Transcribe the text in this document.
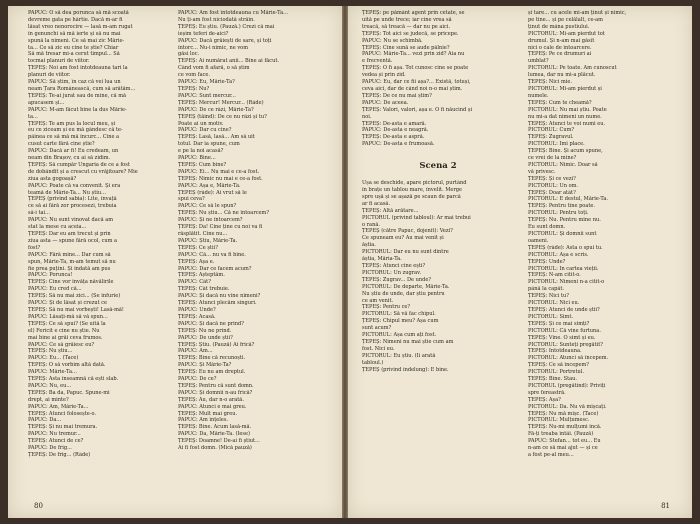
PAPUC: O să dea porunca să mă scoată
devreme gata pe hârtie. Dacă m-ar fi
lăsat vreo nenorocire — lasă m-am rugat
în genunchi să mă ierte și să nu mai
spună la nimeni. Ce să mai zic Mărie-
ta... Ce să zic eu cine te știe? Chiar
Să mă tresar mi-a cerut timpul... Să
tocmai planuri de viitor.
ȚEPEȘ: Noi am fost întotdeauna tari la
planuri de viitor.
PAPUC: Să știm, în caz că vei lua un
neam Țara Românească, cum să arătăm...
ȚEPEȘ: Te-ai jurat sau de mine, că mă
apucasem și...
PAPUC: M-am făcut bine la dus Mărie-
ta...
ȚEPEȘ: Te am pus la locul meu, și
eu ce ziceam și eu mă gândesc că te-
pâinea ce să mă mă încurc... Cine a
cusut carte fără cine știe?
PAPUC: Dacă ar fi! Eu credeam, un
neam din Brașov, cu ai să zidim.
ȚEPEȘ: Să cumpăr Ungaria de ce a fost
de dobândit și a crescut cu vrăjitoare? Mie
ziua asta gogoașă?
PAPUC: Poate că va convenit. Și era
teamă de Mărie-Ta... Nu știu...
ȚEPEȘ (privind sabia): Lite, învață
ce să ai fără zor procesezi, trebuia
să-i tai...
PAPUC: Nu sunt vinovat dacă am
stat la mese cu aceia...
ȚEPEȘ: Dar eu am trecut și prin
ziua asta — spune fără ocol, cum a
fost?
PAPUC: Fără mine... Dar cum să
spun, Mărie-Ta, m-am temut să nu
fie prea puțini. Și îndată am pus
PAPUC: Porunca!
ȚEPEȘ: Cine vor învăța năvălirile
PAPUC: Eu cred că...
ȚEPEȘ: Să nu mai zici... (Se înfurie)
PAPUC: Și de lăsat și crezut ce
ȚEPEȘ: Să nu mai vorbești! Lasă-mă!
PAPUC: Lăsați-mă să vă spun...
ȚEPEȘ: Ce să spui? (Se uită la
el) Fericit e cine nu știe. Nu
mai bine ai grăi ceva frumos.
PAPUC: Ce să grăiesc eu?
ȚEPEȘ: Nu știu...
PAPUC: Eu... (Tace)
ȚEPEȘ: O să vorbim altă dată.
PAPUC: Mărie-Ta...
ȚEPEȘ: Asta înseamnă că ești slab.
PAPUC: Nu, eu...
ȚEPEȘ: Ba da, Papuc. Spune-mi
drept, ai minte?
PAPUC: Am, Mărie-Ta...
ȚEPEȘ: Atunci folosește-o.
PAPUC: Da...
ȚEPEȘ: Și nu mai tremura.
PAPUC: Nu tremur...
ȚEPEȘ: Atunci de ce?
PAPUC: De frig...
ȚEPEȘ: De frig... (Râde)
PAPUC: Am fost întotdeauna cu Mărie-Ta...
Nu ți-am fost niciodată străin.
ȚEPEȘ: Eu știu. (Pauză.) Crezi că mai
ieșim teferi de-aici?
PAPUC: Dacă grăiești de sare, și toți
întorc... Nu-i nimic, ne vom
găsi loc.
ȚEPEȘ: Ai numărat anii... Bine ai făcut.
Când vom fi afară, o să știm
ce vom face.
PAPUC: Eu, Mărie-Ta?
ȚEPEȘ: Nu?
PAPUC: Sunt mercur...
ȚEPEȘ: Mercur! Mercur... (Râde)
PAPUC: De ce râzi, Mărie-Ta?
ȚEPEȘ (tăind): De ce nu râzi și tu?
Poate ai un motiv.
PAPUC: Dar cu cine?
ȚEPEȘ: Lasă, lasă... Am să uit
totul. Dar ia spune, cum
e pe la noi acasă?
PAPUC: Bine...
ȚEPEȘ: Cum bine?
PAPUC: Ei... Nu mai e ce-a fost.
ȚEPEȘ: Nimic nu mai e ce-a fost.
PAPUC: Așa e, Mărie-Ta.
ȚEPEȘ (râde): Ai vrut să le
spui ceva?
PAPUC: Ce să le spun?
ȚEPEȘ: Nu știu... Că ne întoarcem?
PAPUC: Și ne întoarcem?
ȚEPEȘ: Da! Cine ține cu noi va fi
răsplătit. Cine nu...
PAPUC: Știu, Mărie-Ta.
ȚEPEȘ: Ce știi?
PAPUC: Că... nu va fi bine.
ȚEPEȘ: Așa e.
PAPUC: Dar ce facem acum?
ȚEPEȘ: Așteptăm.
PAPUC: Cât?
ȚEPEȘ: Cât trebuie.
PAPUC: Și dacă nu vine nimeni?
ȚEPEȘ: Atunci plecăm singuri.
PAPUC: Unde?
ȚEPEȘ: Acasă.
PAPUC: Și dacă ne prind?
ȚEPEȘ: Nu ne prind.
PAPUC: De unde știi?
ȚEPEȘ: Știu. (Pauză) Ai frică?
PAPUC: Am...
ȚEPEȘ: Bine că recunoști.
PAPUC: Și Mărie-Ta?
ȚEPEȘ: Eu nu am dreptul.
PAPUC: De ce?
ȚEPEȘ: Pentru că sunt domn.
PAPUC: Și domnii n-au frică?
ȚEPEȘ: Au, dar n-o arată.
PAPUC: Atunci e mai greu.
ȚEPEȘ: Mult mai greu.
PAPUC: Am înțeles.
ȚEPEȘ: Bine. Acum lasă-mă.
PAPUC: Da, Mărie-Ta. (Iese)
ȚEPEȘ: Doamne! De-ai fi știut...
Ai fi fost domn. (Mică pauză)
80
ȚEPEȘ: pe pământ agent prin cetate, se
uită pe unde trece; iar cine vrea să
treacă, să treacă — dar nu pe aici.
ȚEPEȘ: Tot aici se judecă, se pricepe.
PAPUC: Nu se schimbă.
ȚEPEȘ: Cine sună se aude pălnie?
PAPUC: Mărie-Ta... vezi prin zid? Aia nu
e frecventă.
ȚEPEȘ: O fi așa. Tot cunosc cine se poate
vedea și prin zid.
PAPUC: Eu, dar ce fii așa?... Există, totuși,
ceva aici, dar de când noi n-o mai știm.
ȚEPEȘ: De ce nu mai știm?
PAPUC: De aceea.
ȚEPEȘ: Valori, valori, așa e. O fi năucind și
noi.
ȚEPEȘ: De-asta e amară.
PAPUC: De-asta e neagră.
ȚEPEȘ: De-asta e aspră.
PAPUC: De-asta e frumoasă.
Scena 2
Ușa se deschide, apare pictorul, purtând
în brațe un tablou mare, învelit. Merge
spre ușă și se așază pe scaun de parcă
ar fi acasă.
ȚEPEȘ: Altă arătare...
PICTORUL (privind tabloul): Ar mai trebui
o rană.
ȚEPEȘ (către Papuc, dojenit): Vezi?
Ce spuneam eu? Au mai venit și
ăștia.
PICTORUL: Dar eu nu sunt dintre
ăștia, Măria-Ta.
ȚEPEȘ: Atunci cine ești?
PICTORUL: Un zugrav.
ȚEPEȘ: Zugrav... De unde?
PICTORUL: De departe, Mărie-Ta.
Nu știu de unde, dar știu pentru
ce am venit.
ȚEPEȘ: Pentru ce?
PICTORUL: Să vă fac chipul.
ȚEPEȘ: Chipul meu? Așa cum
sunt acum?
PICTORUL: Așa cum ați fost.
ȚEPEȘ: Nimeni nu mai știe cum am
fost. Nici eu.
PICTORUL: Eu știu. (Îi arată
tabloul.)
ȚEPEȘ (privind îndelung): E bine.
și tare... cu acele mi-am ținut și nimic,
pe tine... și pe celălalt, ce-am
ținut de mâna pustiului.
PICTORUL: Mi-am pierdut tot
drumul. Și n-am mai găsit
nici o cale de întoarcere.
ȚEPEȘ: Pe ce drumuri ai
umblat?
PICTORUL: Pe toate. Am cunoscut
lumea, dar nu mi-a plăcut.
ȚEPEȘ: Nici mie.
PICTORUL: Mi-am pierdut și
numele.
ȚEPEȘ: Cum te cheamă?
PICTORUL: Nu mai știu. Poate
nu mi-a dat nimeni un nume.
ȚEPEȘ: Atunci te voi numi eu.
PICTORUL: Cum?
ȚEPEȘ: Zugravul.
PICTORUL: Îmi place.
ȚEPEȘ: Bine. Și acum spune,
ce vrei de la mine?
PICTORUL: Nimic. Doar să
vă privesc.
ȚEPEȘ: Și ce vezi?
PICTORUL: Un om.
ȚEPEȘ: Doar atât?
PICTORUL: E destul, Mărie-Ta.
ȚEPEȘ: Pentru tine poate.
PICTORUL: Pentru toți.
ȚEPEȘ: Nu. Pentru mine nu.
Eu sunt domn.
PICTORUL: Și domnii sunt
oameni.
ȚEPEȘ (râde): Asta o spui tu.
PICTORUL: Așa e scris.
ȚEPEȘ: Unde?
PICTORUL: În cartea vieții.
ȚEPEȘ: N-am citit-o.
PICTORUL: Nimeni n-a citit-o
până la capăt.
ȚEPEȘ: Nici tu?
PICTORUL: Nici eu.
ȚEPEȘ: Atunci de unde știi?
PICTORUL: Simt.
ȚEPEȘ: Și ce mai simți?
PICTORUL: Că vine furtuna.
ȚEPEȘ: Vine. O simt și eu.
PICTORUL: Sunteți pregătit?
ȚEPEȘ: Întotdeauna.
PICTORUL: Atunci să începem.
ȚEPEȘ: Ce să începem?
PICTORUL: Portretul.
ȚEPEȘ: Bine. Stau.
PICTORUL (pregătind): Priviți
spre fereastră.
ȚEPEȘ: Așa?
PICTORUL: Da. Nu vă mișcați.
ȚEPEȘ: Nu mă mișc. (Tace)
PICTORUL: Mulțumesc.
ȚEPEȘ: Nu-mi mulțumi încă.
Fă-ți treaba întâi. (Pauză)
PAPUC: Stefan... tot eu... Eu
n-am ce să mai ajut — și ce
a fost pe-al meu...
81
